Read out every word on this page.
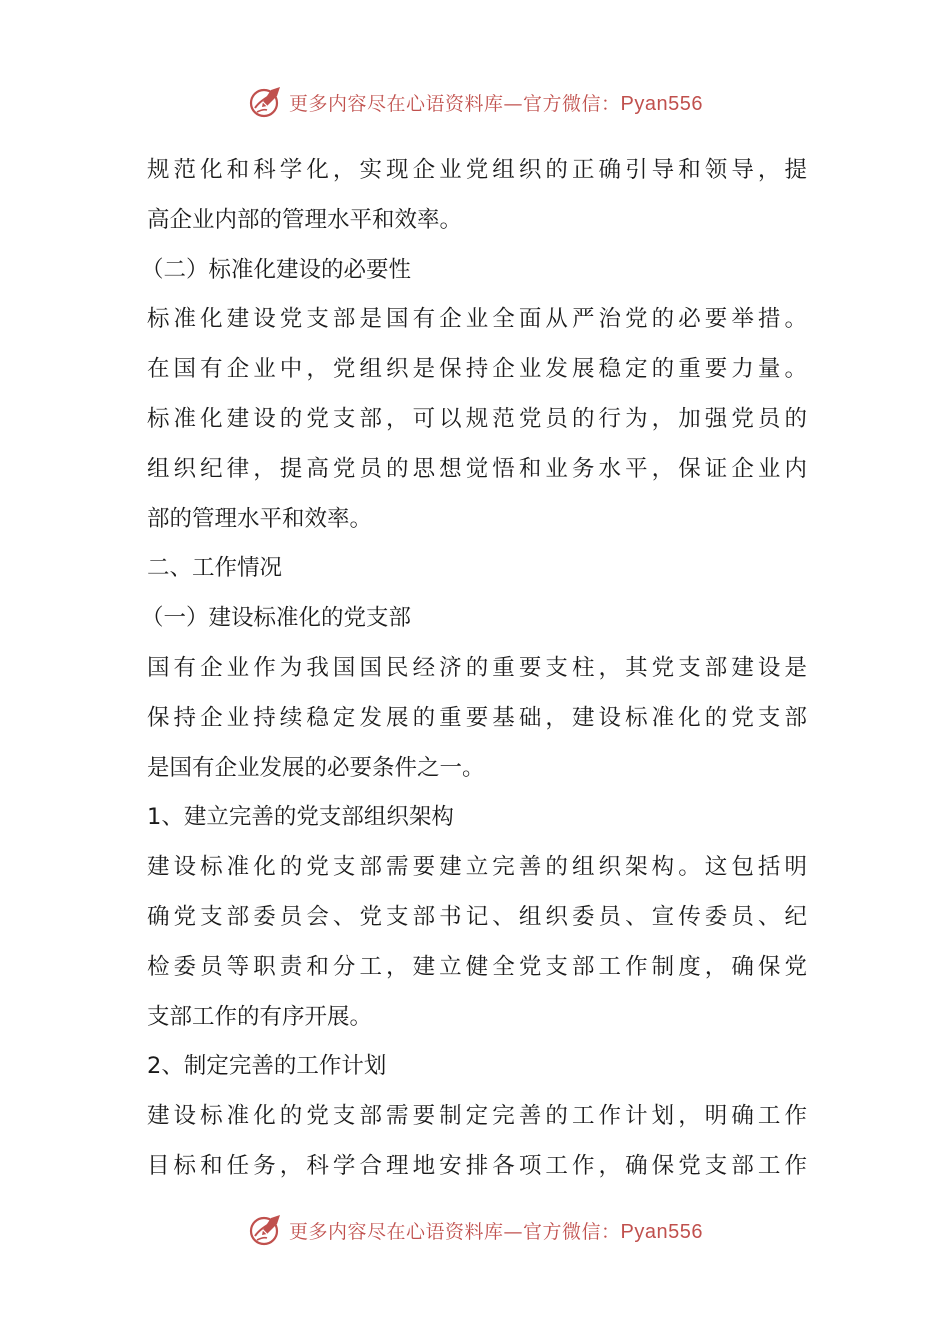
更多内容尽在心语资料库—官方微信：Pyan556
规范化和科学化，实现企业党组织的正确引导和领导，提
高企业内部的管理水平和效率。
（二）标准化建设的必要性
标准化建设党支部是国有企业全面从严治党的必要举措。
在国有企业中，党组织是保持企业发展稳定的重要力量。
标准化建设的党支部，可以规范党员的行为，加强党员的
组织纪律，提高党员的思想觉悟和业务水平，保证企业内
部的管理水平和效率。
二、工作情况
（一）建设标准化的党支部
国有企业作为我国国民经济的重要支柱，其党支部建设是
保持企业持续稳定发展的重要基础，建设标准化的党支部
是国有企业发展的必要条件之一。
1、建立完善的党支部组织架构
建设标准化的党支部需要建立完善的组织架构。这包括明
确党支部委员会、党支部书记、组织委员、宣传委员、纪
检委员等职责和分工，建立健全党支部工作制度，确保党
支部工作的有序开展。
2、制定完善的工作计划
建设标准化的党支部需要制定完善的工作计划，明确工作
目标和任务，科学合理地安排各项工作，确保党支部工作
更多内容尽在心语资料库—官方微信：Pyan556
